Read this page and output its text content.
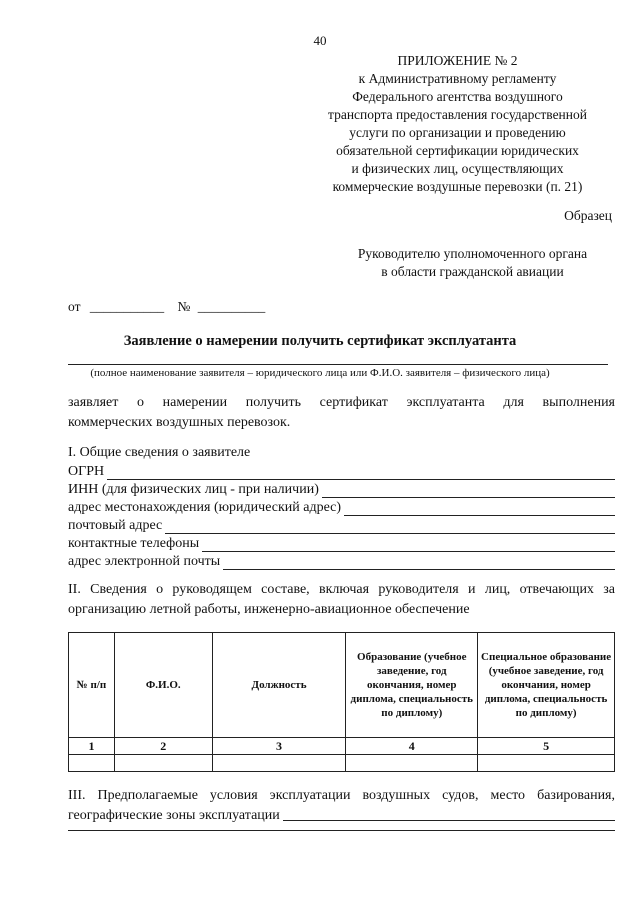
40
ПРИЛОЖЕНИЕ № 2
к Административному регламенту
Федерального агентства воздушного
транспорта предоставления государственной
услуги по организации и проведению
обязательной сертификации юридических
и физических лиц, осуществляющих
коммерческие воздушные перевозки (п. 21)
Образец
Руководителю уполномоченного органа
в области гражданской авиации
от ___________ № __________
Заявление о намерении получить сертификат эксплуатанта
(полное наименование заявителя – юридического лица или Ф.И.О. заявителя – физического лица)
заявляет о намерении получить сертификат эксплуатанта для выполнения
коммерческих воздушных перевозок.
I. Общие сведения о заявителе
ОГРН
ИНН (для физических лиц - при наличии)
адрес местонахождения (юридический адрес)
почтовый адрес
контактные телефоны
адрес электронной почты
II. Сведения о руководящем составе, включая руководителя и лиц, отвечающих за
организацию летной работы, инженерно-авиационное обеспечение
№ п/п	Ф.И.О.	Должность	Образование (учебное заведение, год окончания, номер диплома, специальность по диплому)	Специальное образование (учебное заведение, год окончания, номер диплома, специальность по диплому)
1	2	3	4	5

III. Предполагаемые условия эксплуатации воздушных судов, место базирования,
географические зоны эксплуатации
